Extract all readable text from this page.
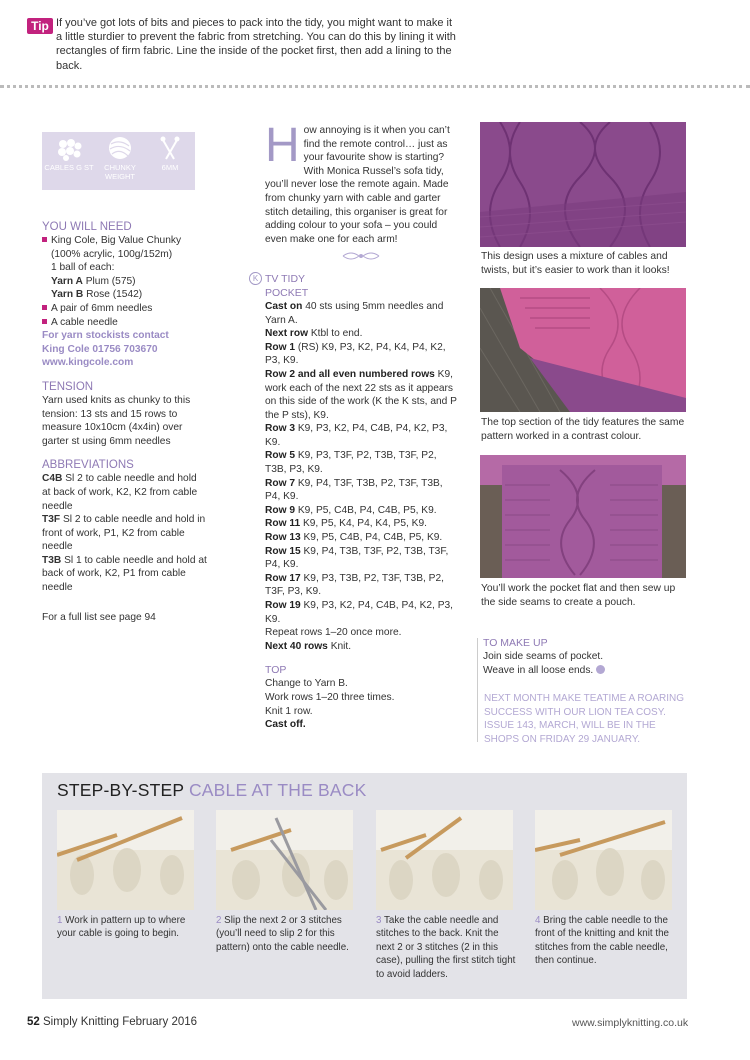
Tip If you’ve got lots of bits and pieces to pack into the tidy, you might want to make it a little sturdier to prevent the fabric from stretching. You can do this by lining it with rectangles of firm fabric. Line the inside of the pocket first, then add a lining to the back.
CABLES G ST	CHUNKY WEIGHT
6MM
YOU WILL NEED

King Cole, Big Value Chunky

(100% acrylic, 100g/152m)

1 ball of each:

Yarn A Plum (575)

Yarn B Rose (1542)

A pair of 6mm needles

A cable needle

For yarn stockists contact

King Cole 01756 703670

www.kingcole.com

TENSION

Yarn used knits as chunky to this tension: 13 sts and 15 rows to measure 10x10cm (4x4in) over garter st using 6mm needles

ABBREVIATIONS

C4B Sl 2 to cable needle and hold at back of work, K2, K2 from cable needle

T3F Sl 2 to cable needle and hold in front of work, P1, K2 from cable needle

T3B Sl 1 to cable needle and hold at back of work, K2, P1 from cable needle

For a full list see page 94

How annoying is it when you can’t find the remote control… just as your favourite show is starting? With Monica Russel’s sofa tidy, you’ll never lose the remote again. Made from chunky yarn with cable and garter stitch detailing, this organiser is great for adding colour to your sofa – you could even make one for each arm!

K TV TIDY

POCKET

Cast on 40 sts using 5mm needles and Yarn A.

Next row Ktbl to end.

Row 1 (RS) K9, P3, K2, P4, K4, P4, K2, P3, K9.

Row 2 and all even numbered rows K9, work each of the next 22 sts as it appears on this side of the work (K the K sts, and P the P sts), K9.

Row 3 K9, P3, K2, P4, C4B, P4, K2, P3, K9.

Row 5 K9, P3, T3F, P2, T3B, T3F, P2, T3B, P3, K9.

Row 7 K9, P4, T3F, T3B, P2, T3F, T3B, P4, K9.

Row 9 K9, P5, C4B, P4, C4B, P5, K9.

Row 11 K9, P5, K4, P4, K4, P5, K9.

Row 13 K9, P5, C4B, P4, C4B, P5, K9.

Row 15 K9, P4, T3B, T3F, P2, T3B, T3F, P4, K9.

Row 17 K9, P3, T3B, P2, T3F, T3B, P2, T3F, P3, K9.

Row 19 K9, P3, K2, P4, C4B, P4, K2, P3, K9.

Repeat rows 1–20 once more.

Next 40 rows Knit.

TOP

Change to Yarn B.

Work rows 1–20 three times.

Knit 1 row.

Cast off.

This design uses a mixture of cables and twists, but it’s easier to work than it looks!
The top section of the tidy features the same pattern worked in a contrast colour.
You’ll work the pocket flat and then sew up the side seams to create a pouch.

TO MAKE UP

Join side seams of pocket.

Weave in all loose ends.

NEXT MONTH MAKE TEATIME A ROARING SUCCESS WITH OUR LION TEA COSY. ISSUE 143, MARCH, WILL BE IN THE SHOPS ON FRIDAY 29 JANUARY.
STEP-BY-STEP CABLE AT THE BACK
1 Work in pattern up to where your cable is going to begin.
2 Slip the next 2 or 3 stitches (you’ll need to slip 2 for this pattern) onto the cable needle.
3 Take the cable needle and stitches to the back. Knit the next 2 or 3 stitches (2 in this case), pulling the first stitch tight to avoid ladders.
4 Bring the cable needle to the front of the knitting and knit the stitches from the cable needle, then continue.
52 Simply Knitting February 2016	www.simplyknitting.co.uk
